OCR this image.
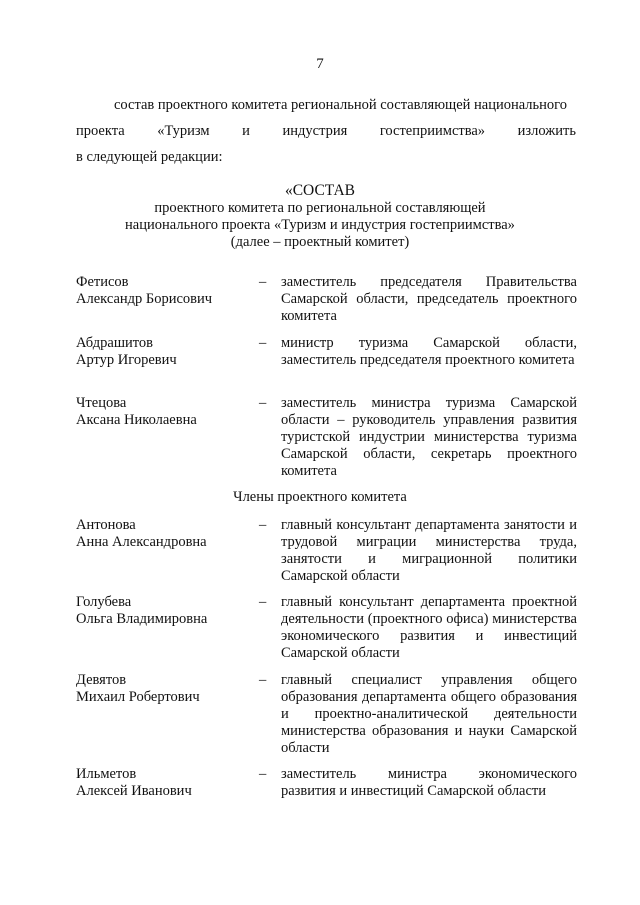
7
состав проектного комитета региональной составляющей национального
проекта «Туризм и индустрия гостеприимства» изложить
в следующей редакции:
«СОСТАВ
проектного комитета по региональной составляющей
национального проекта «Туризм и индустрия гостеприимства»
(далее – проектный комитет)
Фетисов
Александр Борисович
– заместитель председателя Правительства Самарской области, председатель проектного комитета
Абдрашитов
Артур Игоревич
– министр туризма Самарской области, заместитель председателя проектного комитета
Чтецова
Аксана Николаевна
– заместитель министра туризма Самарской области – руководитель управления развития туристской индустрии министерства туризма Самарской области, секретарь проектного комитета
Члены проектного комитета
Антонова
Анна Александровна
– главный консультант департамента занятости и трудовой миграции министерства труда, занятости и миграционной политики Самарской области
Голубева
Ольга Владимировна
– главный консультант департамента проектной деятельности (проектного офиса) министерства экономического развития и инвестиций Самарской области
Девятов
Михаил Робертович
– главный специалист управления общего образования департамента общего образования и проектно-аналитической деятельности министерства образования и науки Самарской области
Ильметов
Алексей Иванович
– заместитель министра экономического развития и инвестиций Самарской области
